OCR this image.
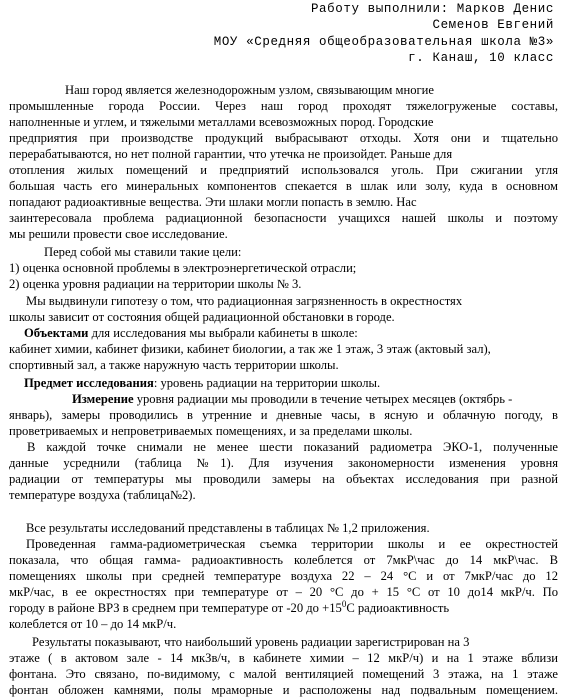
Работу выполнили: Марков Денис
Семенов Евгений
МОУ «Средняя общеобразовательная школа №3»
г. Канаш, 10 класс
Наш город является железнодорожным узлом, связывающим многие
промышленные города России. Через наш город проходят тяжелогруженые составы,
наполненные и углем, и тяжелыми металлами всевозможных пород. Городские
предприятия при производстве продукций выбрасывают отходы. Хотя они и тщательно
перерабатываются, но нет полной гарантии, что утечка не произойдет. Раньше для
отопления жилых помещений и предприятий использовался уголь. При сжигании угля
большая часть его минеральных компонентов спекается в шлак или золу, куда в основном
попадают радиоактивные вещества. Эти шлаки могли попасть в землю. Нас
заинтересовала проблема радиационной безопасности учащихся нашей школы и поэтому
мы решили провести свое исследование.
Перед собой мы ставили такие цели:
1) оценка основной проблемы в электроэнергетической отрасли;
2) оценка уровня радиации на территории школы № 3.
Мы выдвинули гипотезу о том, что радиационная загрязненность в окрестностях
школы зависит от состояния общей радиационной обстановки в городе.
Объектами для исследования мы выбрали кабинеты в школе:
кабинет химии, кабинет физики, кабинет биологии, а так же 1 этаж, 3 этаж (актовый зал),
спортивный зал, а также наружную часть территории школы.
Предмет исследования: уровень радиации на территории школы.
Измерение уровня радиации мы проводили в течение четырех месяцев (октябрь -
январь), замеры проводились в утренние и дневные часы, в ясную и облачную погоду, в
проветриваемых и непроветриваемых помещениях, и за пределами школы.
В каждой точке снимали не менее шести показаний радиометра ЭКО-1, полученные
данные усреднили (таблица №1). Для изучения закономерности изменения уровня
радиации от температуры мы проводили замеры на объектах исследования при разной
температуре воздуха (таблица№2).
Все результаты исследований представлены в таблицах № 1,2 приложения.
Проведенная гамма-радиометрическая съемка территории школы и ее окрестностей
показала, что общая гамма- радиоактивность колеблется от 7мкР\час до 14 мкР\час. В
помещениях школы при средней температуре воздуха 22 – 24 °С и от 7мкР/час до 12
мкР/час, в ее окрестностях при температуре от – 20 °С до + 15 °С от 10 до14 мкР/ч. По
городу в районе ВРЗ в среднем при температуре от -20 до $+15^0С$ радиоактивность
колеблется от 10 – до 14 мкР/ч.
Результаты показывают, что наибольший уровень радиации зарегистрирован на 3
этаже ( в актовом зале - 14 мкЗв/ч, в кабинете химии – 12 мкР/ч) и на 1 этаже вблизи
фонтана. Это связано, по-видимому, с малой вентиляцией помещений 3 этажа, на 1 этаже
фонтан обложен камнями, полы мраморные и расположены над подвальным помещением.
